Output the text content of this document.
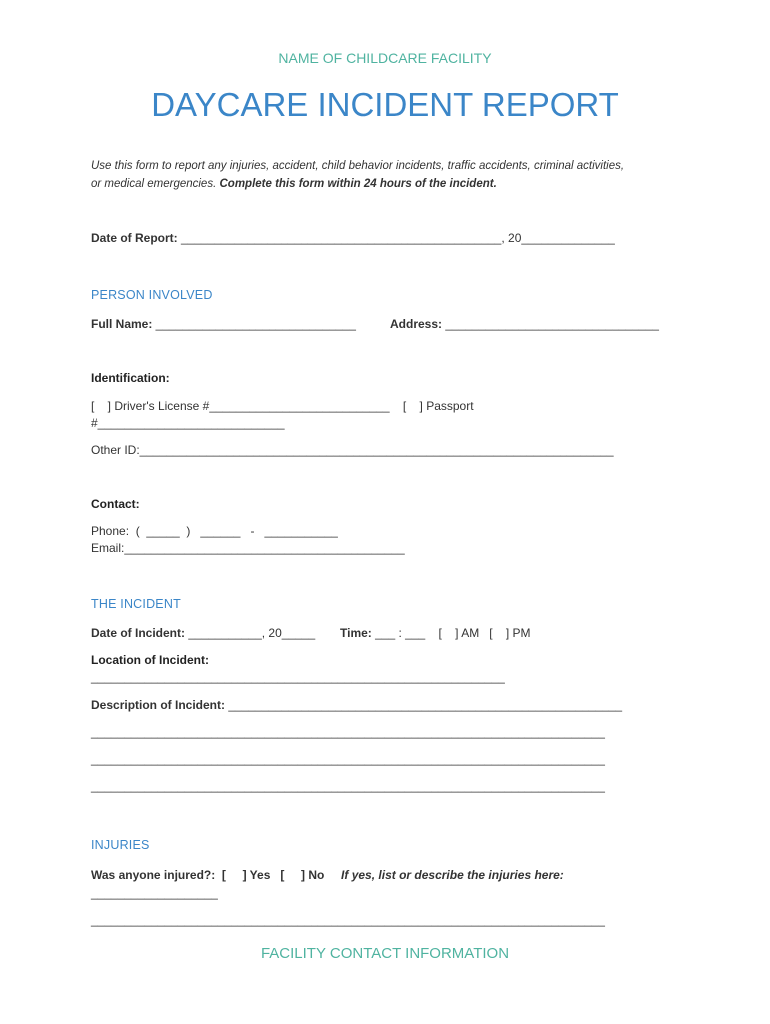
NAME OF CHILDCARE FACILITY
DAYCARE INCIDENT REPORT
Use this form to report any injuries, accident, child behavior incidents, traffic accidents, criminal activities,
or medical emergencies. Complete this form within 24 hours of the incident.
Date of Report: ________________________________________________, 20______________
PERSON INVOLVED
Full Name: ______________________________	Address: ________________________________
Identification:
[    ] Driver's License #___________________________    [    ] Passport
#____________________________
Other ID:_______________________________________________________________________
Contact:
Phone:  (  _____  )   ______   -   ___________
Email:__________________________________________
THE INCIDENT
Date of Incident: ___________, 20_____ Time: ___ : ___    [    ] AM   [    ] PM
Location of Incident:
______________________________________________________________
Description of Incident: ___________________________________________________________
_____________________________________________________________________________
_____________________________________________________________________________
_____________________________________________________________________________
INJURIES
Was anyone injured?:  [     ] Yes   [     ] No If yes, list or describe the injuries here:
___________________
_____________________________________________________________________________
FACILITY CONTACT INFORMATION
